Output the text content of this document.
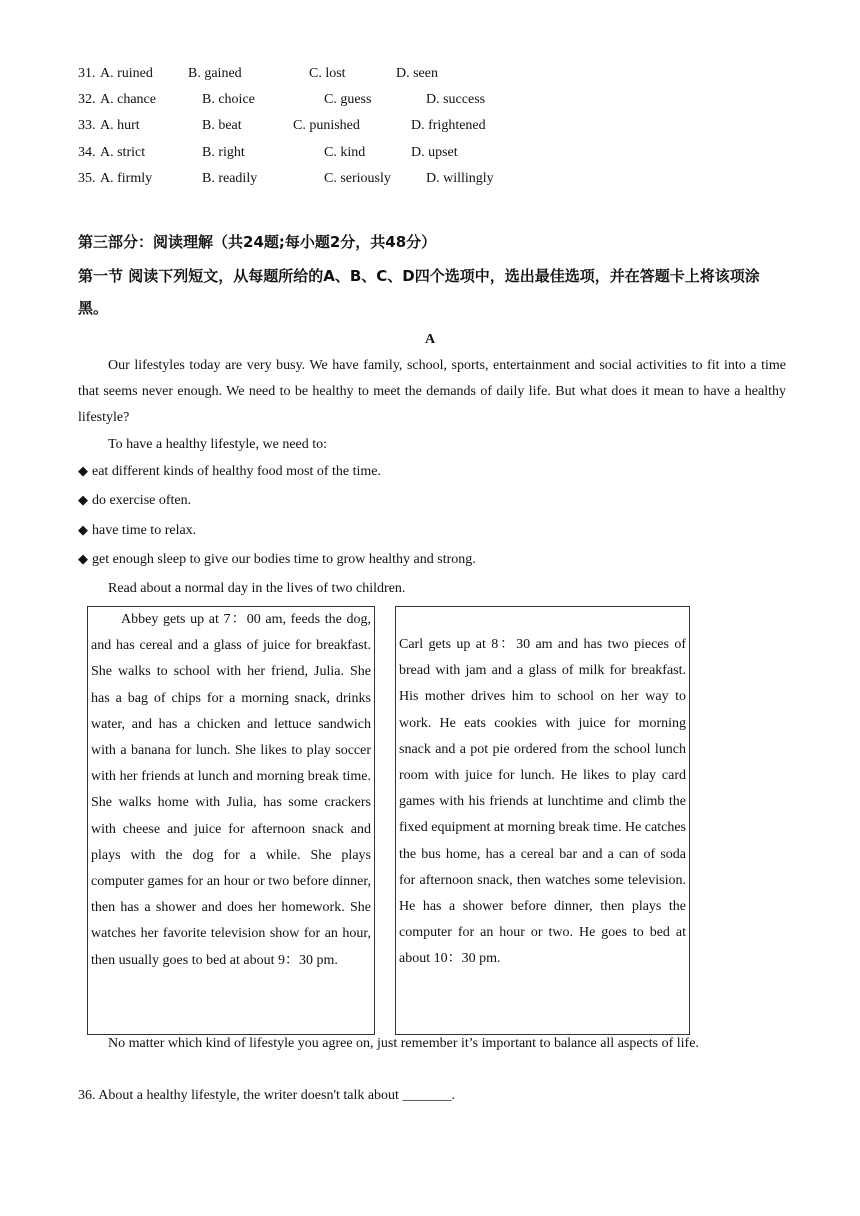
31. A. ruined	B. gained	C. lost	D. seen
32. A. chance	B. choice	C. guess	D. success
33. A. hurt	B. beat	C. punished	D. frightened
34. A. strict	B. right	C. kind	D. upset
35. A. firmly	B. readily	C. seriously	D. willingly
第三部分：阅读理解（共24题;每小题2分，共48分）
第一节 阅读下列短文，从每题所给的A、B、C、D四个选项中，选出最佳选项，并在答题卡上将该项涂黑。
A
Our lifestyles today are very busy. We have family, school, sports, entertainment and social activities to fit into a time that seems never enough. We need to be healthy to meet the demands of daily life. But what does it mean to have a healthy lifestyle?
To have a healthy lifestyle, we need to:
◆ eat different kinds of healthy food most of the time.
◆ do exercise often.
◆ have time to relax.
◆ get enough sleep to give our bodies time to grow healthy and strong.
Read about a normal day in the lives of two children.

Abbey gets up at 7：00 am, feeds the dog, and has cereal and a glass of juice for breakfast. She walks to school with her friend, Julia. She has a bag of chips for a morning snack, drinks water, and has a chicken and lettuce sandwich with a banana for lunch. She likes to play soccer with her friends at lunch and morning break time. She walks home with Julia, has some crackers with cheese and juice for afternoon snack and plays with the dog for a while. She plays computer games for an hour or two before dinner, then has a shower and does her homework. She watches her favorite television show for an hour, then usually goes to bed at about 9：30 pm.

Carl gets up at 8：30 am and has two pieces of bread with jam and a glass of milk for breakfast. His mother drives him to school on her way to work. He eats cookies with juice for morning snack and a pot pie ordered from the school lunch room with juice for lunch. He likes to play card games with his friends at lunchtime and climb the fixed equipment at morning break time. He catches the bus home, has a cereal bar and a can of soda for afternoon snack, then watches some television. He has a shower before dinner, then plays the computer for an hour or two. He goes to bed at about 10：30 pm.

No matter which kind of lifestyle you agree on, just remember it’s important to balance all aspects of life.
36. About a healthy lifestyle, the writer doesn't talk about _______.
